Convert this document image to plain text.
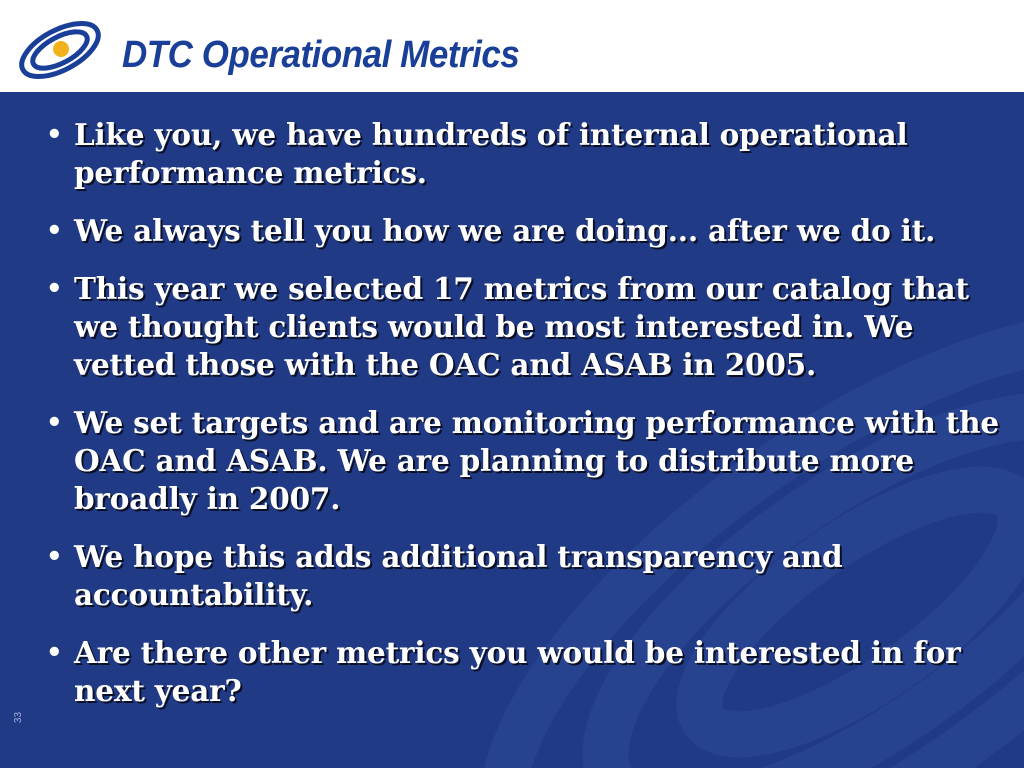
DTC Operational Metrics
• Like you, we have hundreds of internal operational performance metrics.
• We always tell you how we are doing... after we do it.
• This year we selected 17 metrics from our catalog that we thought clients would be most interested in. We vetted those with the OAC and ASAB in 2005.
• We set targets and are monitoring performance with the OAC and ASAB. We are planning to distribute more broadly in 2007.
• We hope this adds additional transparency and accountability.
• Are there other metrics you would be interested in for next year?
33
